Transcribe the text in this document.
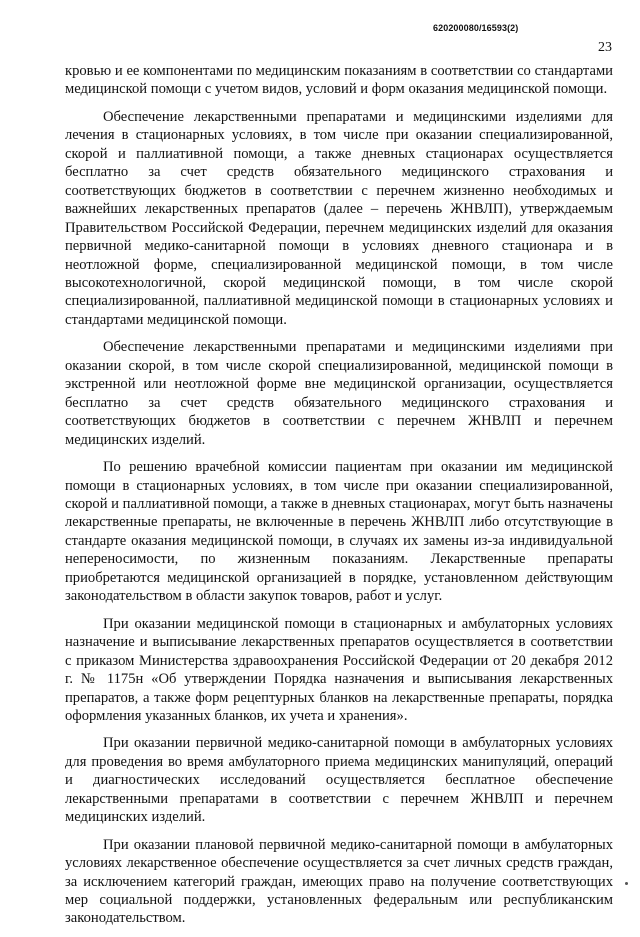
620200080/16593(2)
23

кровью и ее компонентами по медицинским показаниям в соответствии со стандартами медицинской помощи с учетом видов, условий и форм оказания медицинской помощи.

Обеспечение лекарственными препаратами и медицинскими изделиями для лечения в стационарных условиях, в том числе при оказании специализированной, скорой и паллиативной помощи, а также дневных стационарах осуществляется бесплатно за счет средств обязательного медицинского страхования и соответствующих бюджетов в соответствии с перечнем жизненно необходимых и важнейших лекарственных препаратов (далее – перечень ЖНВЛП), утверждаемым Правительством Российской Федерации, перечнем медицинских изделий для оказания первичной медико-санитарной помощи в условиях дневного стационара и в неотложной форме, специализированной медицинской помощи, в том числе высокотехнологичной, скорой медицинской помощи, в том числе скорой специализированной, паллиативной медицинской помощи в стационарных условиях и стандартами медицинской помощи.

Обеспечение лекарственными препаратами и медицинскими изделиями при оказании скорой, в том числе скорой специализированной, медицинской помощи в экстренной или неотложной форме вне медицинской организации, осуществляется бесплатно за счет средств обязательного медицинского страхования и соответствующих бюджетов в соответствии с перечнем ЖНВЛП и перечнем медицинских изделий.

По решению врачебной комиссии пациентам при оказании им медицинской помощи в стационарных условиях, в том числе при оказании специализированной, скорой и паллиативной помощи, а также в дневных стационарах, могут быть назначены лекарственные препараты, не включенные в перечень ЖНВЛП либо отсутствующие в стандарте оказания медицинской помощи, в случаях их замены из-за индивидуальной непереносимости, по жизненным показаниям. Лекарственные препараты приобретаются медицинской организацией в порядке, установленном действующим законодательством в области закупок товаров, работ и услуг.

При оказании медицинской помощи в стационарных и амбулаторных условиях назначение и выписывание лекарственных препаратов осуществляется в соответствии с приказом Министерства здравоохранения Российской Федерации от 20 декабря 2012 г. № 1175н «Об утверждении Порядка назначения и выписывания лекарственных препаратов, а также форм рецептурных бланков на лекарственные препараты, порядка оформления указанных бланков, их учета и хранения».

При оказании первичной медико-санитарной помощи в амбулаторных условиях для проведения во время амбулаторного приема медицинских манипуляций, операций и диагностических исследований осуществляется бесплатное обеспечение лекарственными препаратами в соответствии с перечнем ЖНВЛП и перечнем медицинских изделий.

При оказании плановой первичной медико-санитарной помощи в амбулаторных условиях лекарственное обеспечение осуществляется за счет личных средств граждан, за исключением категорий граждан, имеющих право на получение соответствующих мер социальной поддержки, установленных федеральным или республиканским законодательством.
